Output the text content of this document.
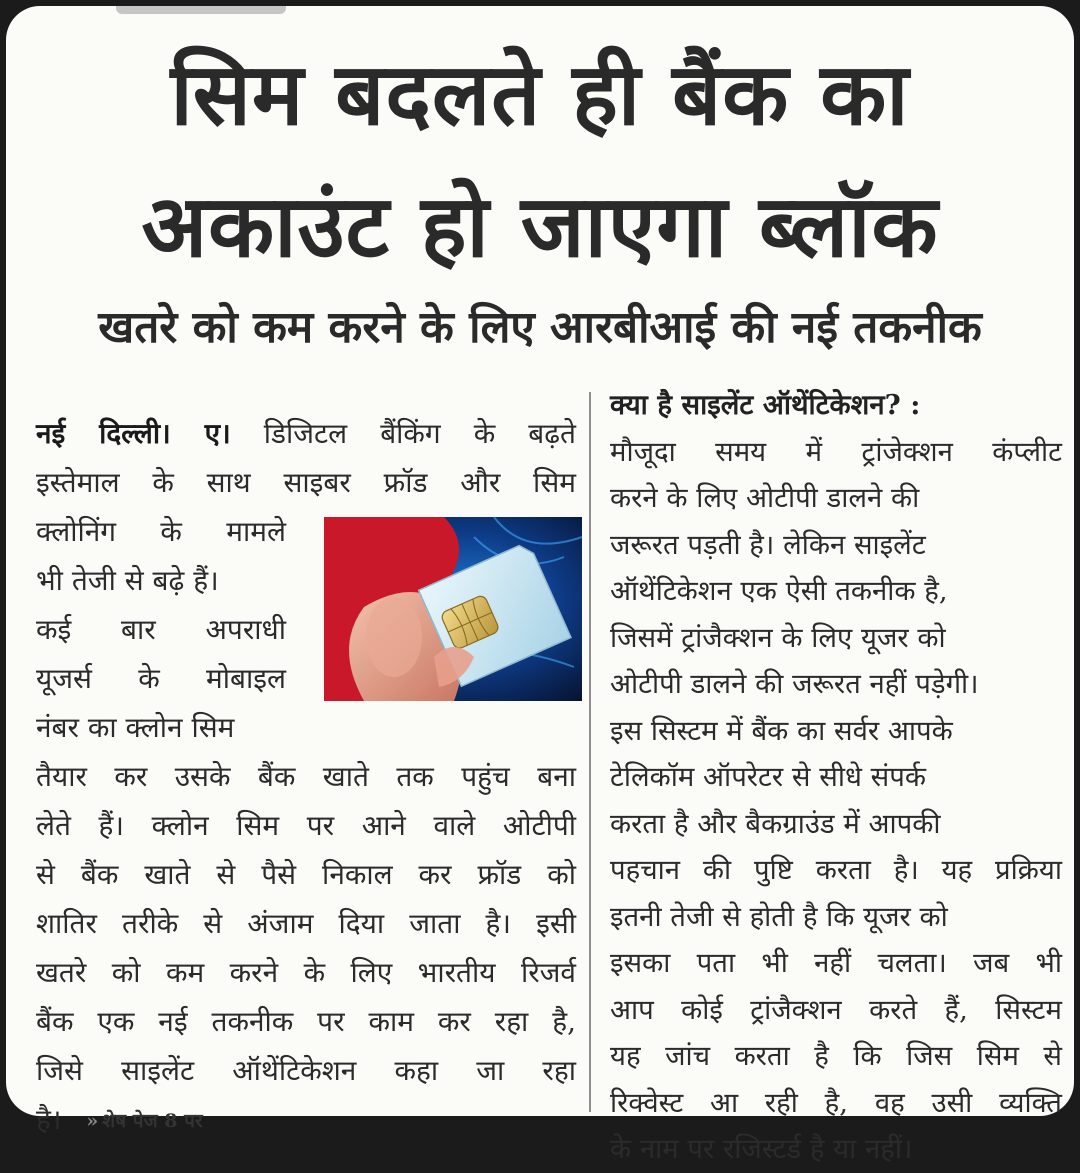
सिम बदलते ही बैंक का
अकाउंट हो जाएगा ब्लॉक
खतरे को कम करने के लिए आरबीआई की नई तकनीक
नई दिल्ली। ए। डिजिटल बैंकिंग के बढ़ते
इस्तेमाल के साथ साइबर फ्रॉड और सिम
क्लोनिंग के मामले
भी तेजी से बढ़े हैं।
कई बार अपराधी
यूजर्स के मोबाइल
नंबर का क्लोन सिम
तैयार कर उसके बैंक खाते तक पहुंच बना
लेते हैं। क्लोन सिम पर आने वाले ओटीपी
से बैंक खाते से पैसे निकाल कर फ्रॉड को
शातिर तरीके से अंजाम दिया जाता है। इसी
खतरे को कम करने के लिए भारतीय रिजर्व
बैंक एक नई तकनीक पर काम कर रहा है,
जिसे साइलेंट ऑथेंटिकेशन कहा जा रहा
है। » शेष पेज 8 पर
क्या है साइलेंट ऑथेंटिकेशन? :
मौजूदा समय में ट्रांजेक्शन कंप्लीट
करने के लिए ओटीपी डालने की
जरूरत पड़ती है। लेकिन साइलेंट
ऑथेंटिकेशन एक ऐसी तकनीक है,
जिसमें ट्रांजैक्शन के लिए यूजर को
ओटीपी डालने की जरूरत नहीं पड़ेगी।
इस सिस्टम में बैंक का सर्वर आपके
टेलिकॉम ऑपरेटर से सीधे संपर्क
करता है और बैकग्राउंड में आपकी
पहचान की पुष्टि करता है। यह प्रक्रिया
इतनी तेजी से होती है कि यूजर को
इसका पता भी नहीं चलता। जब भी
आप कोई ट्रांजैक्शन करते हैं, सिस्टम
यह जांच करता है कि जिस सिम से
रिक्वेस्ट आ रही है, वह उसी व्यक्ति
के नाम पर रजिस्टर्ड है या नहीं।
